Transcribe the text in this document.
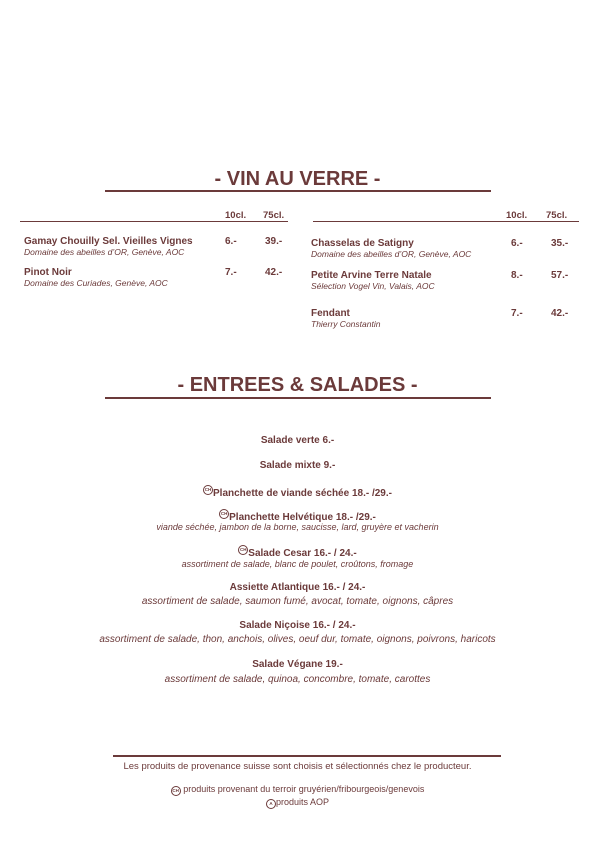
- VIN AU VERRE -
10cl. 75cl.	10cl. 75cl.
Gamay Chouilly Sel. Vieilles Vignes
Domaine des abeilles d’OR, Genève, AOC
6.-	39.-
Pinot Noir
Domaine des Curiades, Genève, AOC
7.-	42.-
Chasselas de Satigny
Domaine des abeilles d’OR, Genève, AOC
6.-	35.-
Petite Arvine Terre Natale
Sélection Vogel Vin, Valais, AOC
8.-	57.-
Fendant
Thierry Constantin
7.-	42.-
- ENTREES & SALADES -
Salade verte 6.-
Salade mixte 9.-
CH Planchette de viande séchée 18.- /29.-
CH Planchette Helvétique 18.- /29.-
viande séchée, jambon de la borne, saucisse, lard, gruyère et vacherin
CH Salade Cesar 16.- / 24.-
assortiment de salade, blanc de poulet, croûtons, fromage
Assiette Atlantique 16.- / 24.-
assortiment de salade, saumon fumé, avocat, tomate, oignons, câpres
Salade Niçoise 16.- / 24.-
assortiment de salade, thon, anchois, olives, oeuf dur, tomate, oignons, poivrons, haricots
Salade Végane 19.-
assortiment de salade, quinoa, concombre, tomate, carottes
Les produits de provenance suisse sont choisis et sélectionnés chez le producteur.
CH produits provenant du terroir gruyérien/fribourgeois/genevois
A produits AOP
